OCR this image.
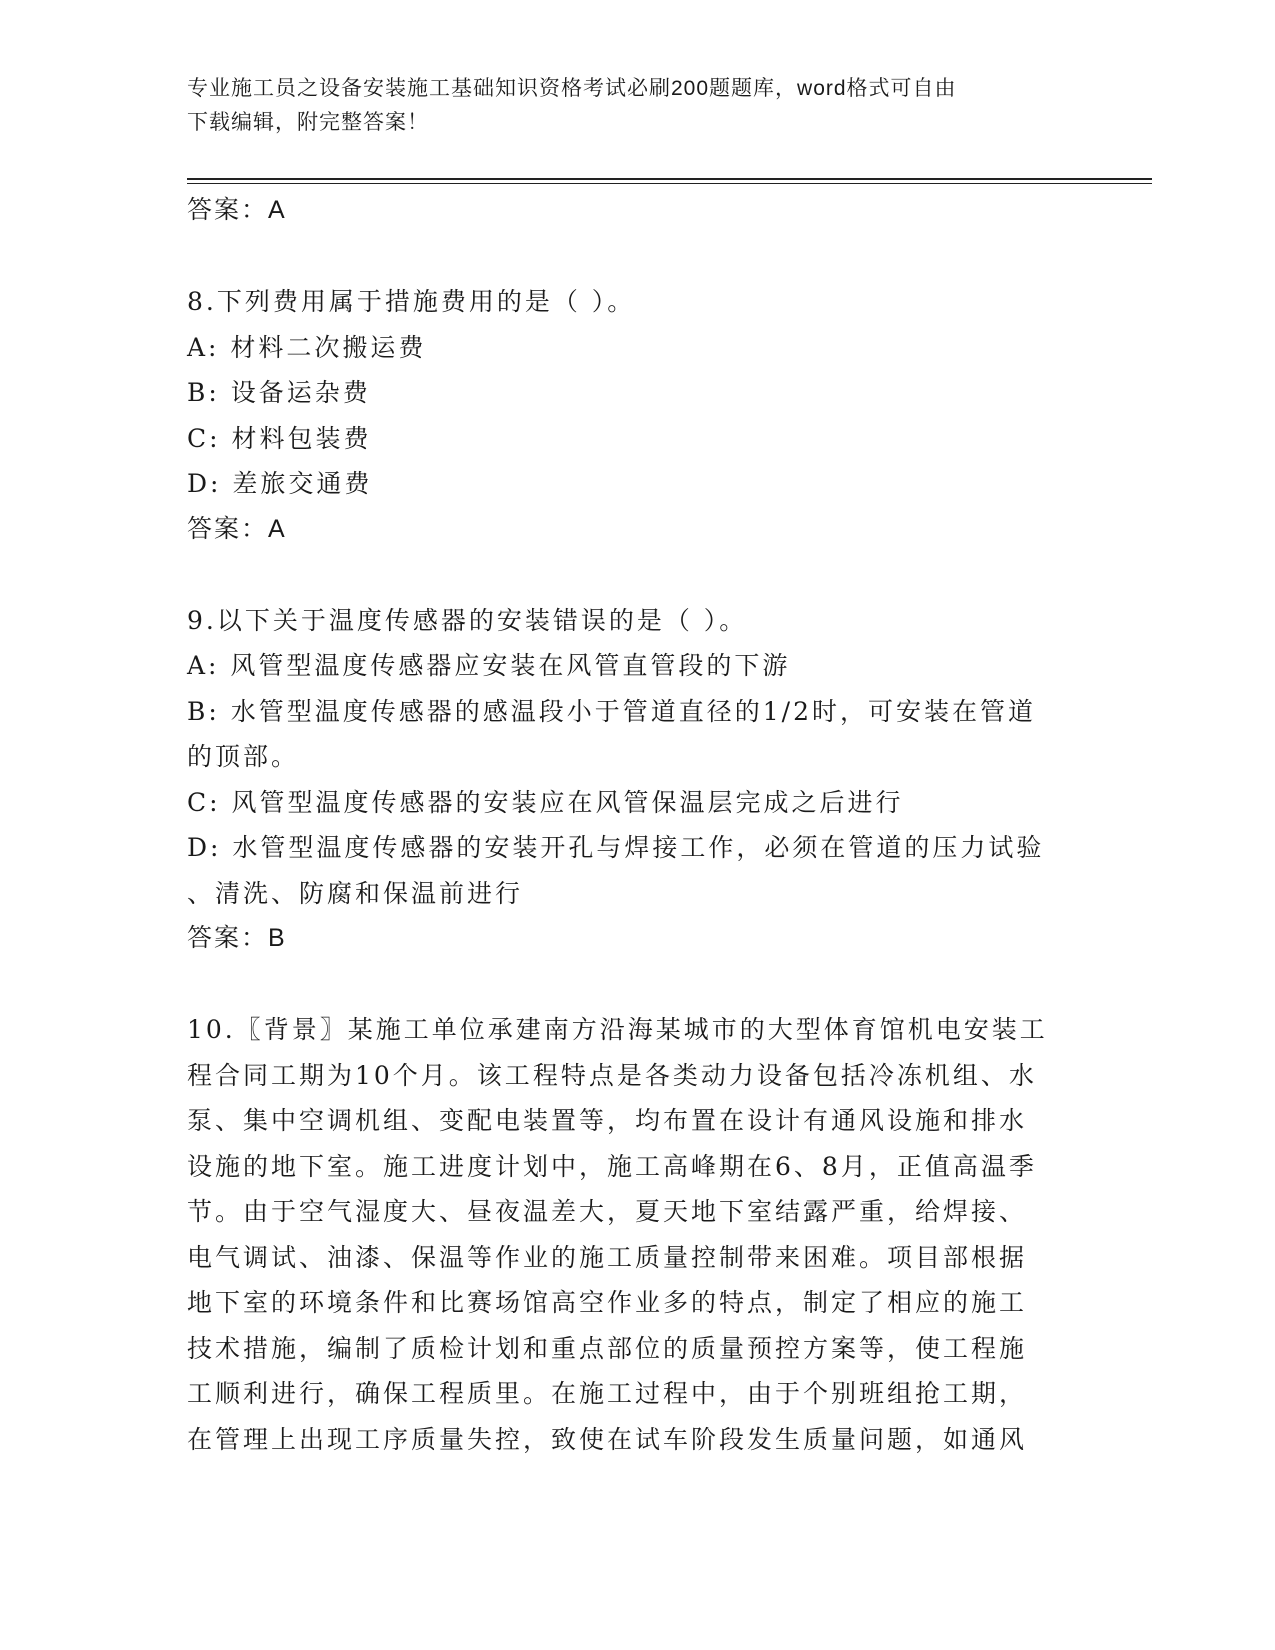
专业施工员之设备安装施工基础知识资格考试必刷200题题库，word格式可自由
下载编辑，附完整答案！
答案：A
8.下列费用属于措施费用的是（ ）。
A: 材料二次搬运费
B: 设备运杂费
C: 材料包装费
D: 差旅交通费
答案：A
9.以下关于温度传感器的安装错误的是（ ）。
A: 风管型温度传感器应安装在风管直管段的下游
B: 水管型温度传感器的感温段小于管道直径的1/2时，可安装在管道
的顶部。
C: 风管型温度传感器的安装应在风管保温层完成之后进行
D: 水管型温度传感器的安装开孔与焊接工作，必须在管道的压力试验
、清洗、防腐和保温前进行
答案：B
10.〖背景〗某施工单位承建南方沿海某城市的大型体育馆机电安装工
程合同工期为10个月。该工程特点是各类动力设备包括冷冻机组、水
泵、集中空调机组、变配电装置等，均布置在设计有通风设施和排水
设施的地下室。施工进度计划中，施工高峰期在6、8月，正值高温季
节。由于空气湿度大、昼夜温差大，夏天地下室结露严重，给焊接、
电气调试、油漆、保温等作业的施工质量控制带来困难。项目部根据
地下室的环境条件和比赛场馆高空作业多的特点，制定了相应的施工
技术措施，编制了质检计划和重点部位的质量预控方案等，使工程施
工顺利进行，确保工程质里。在施工过程中，由于个别班组抢工期，
在管理上出现工序质量失控，致使在试车阶段发生质量问题，如通风
